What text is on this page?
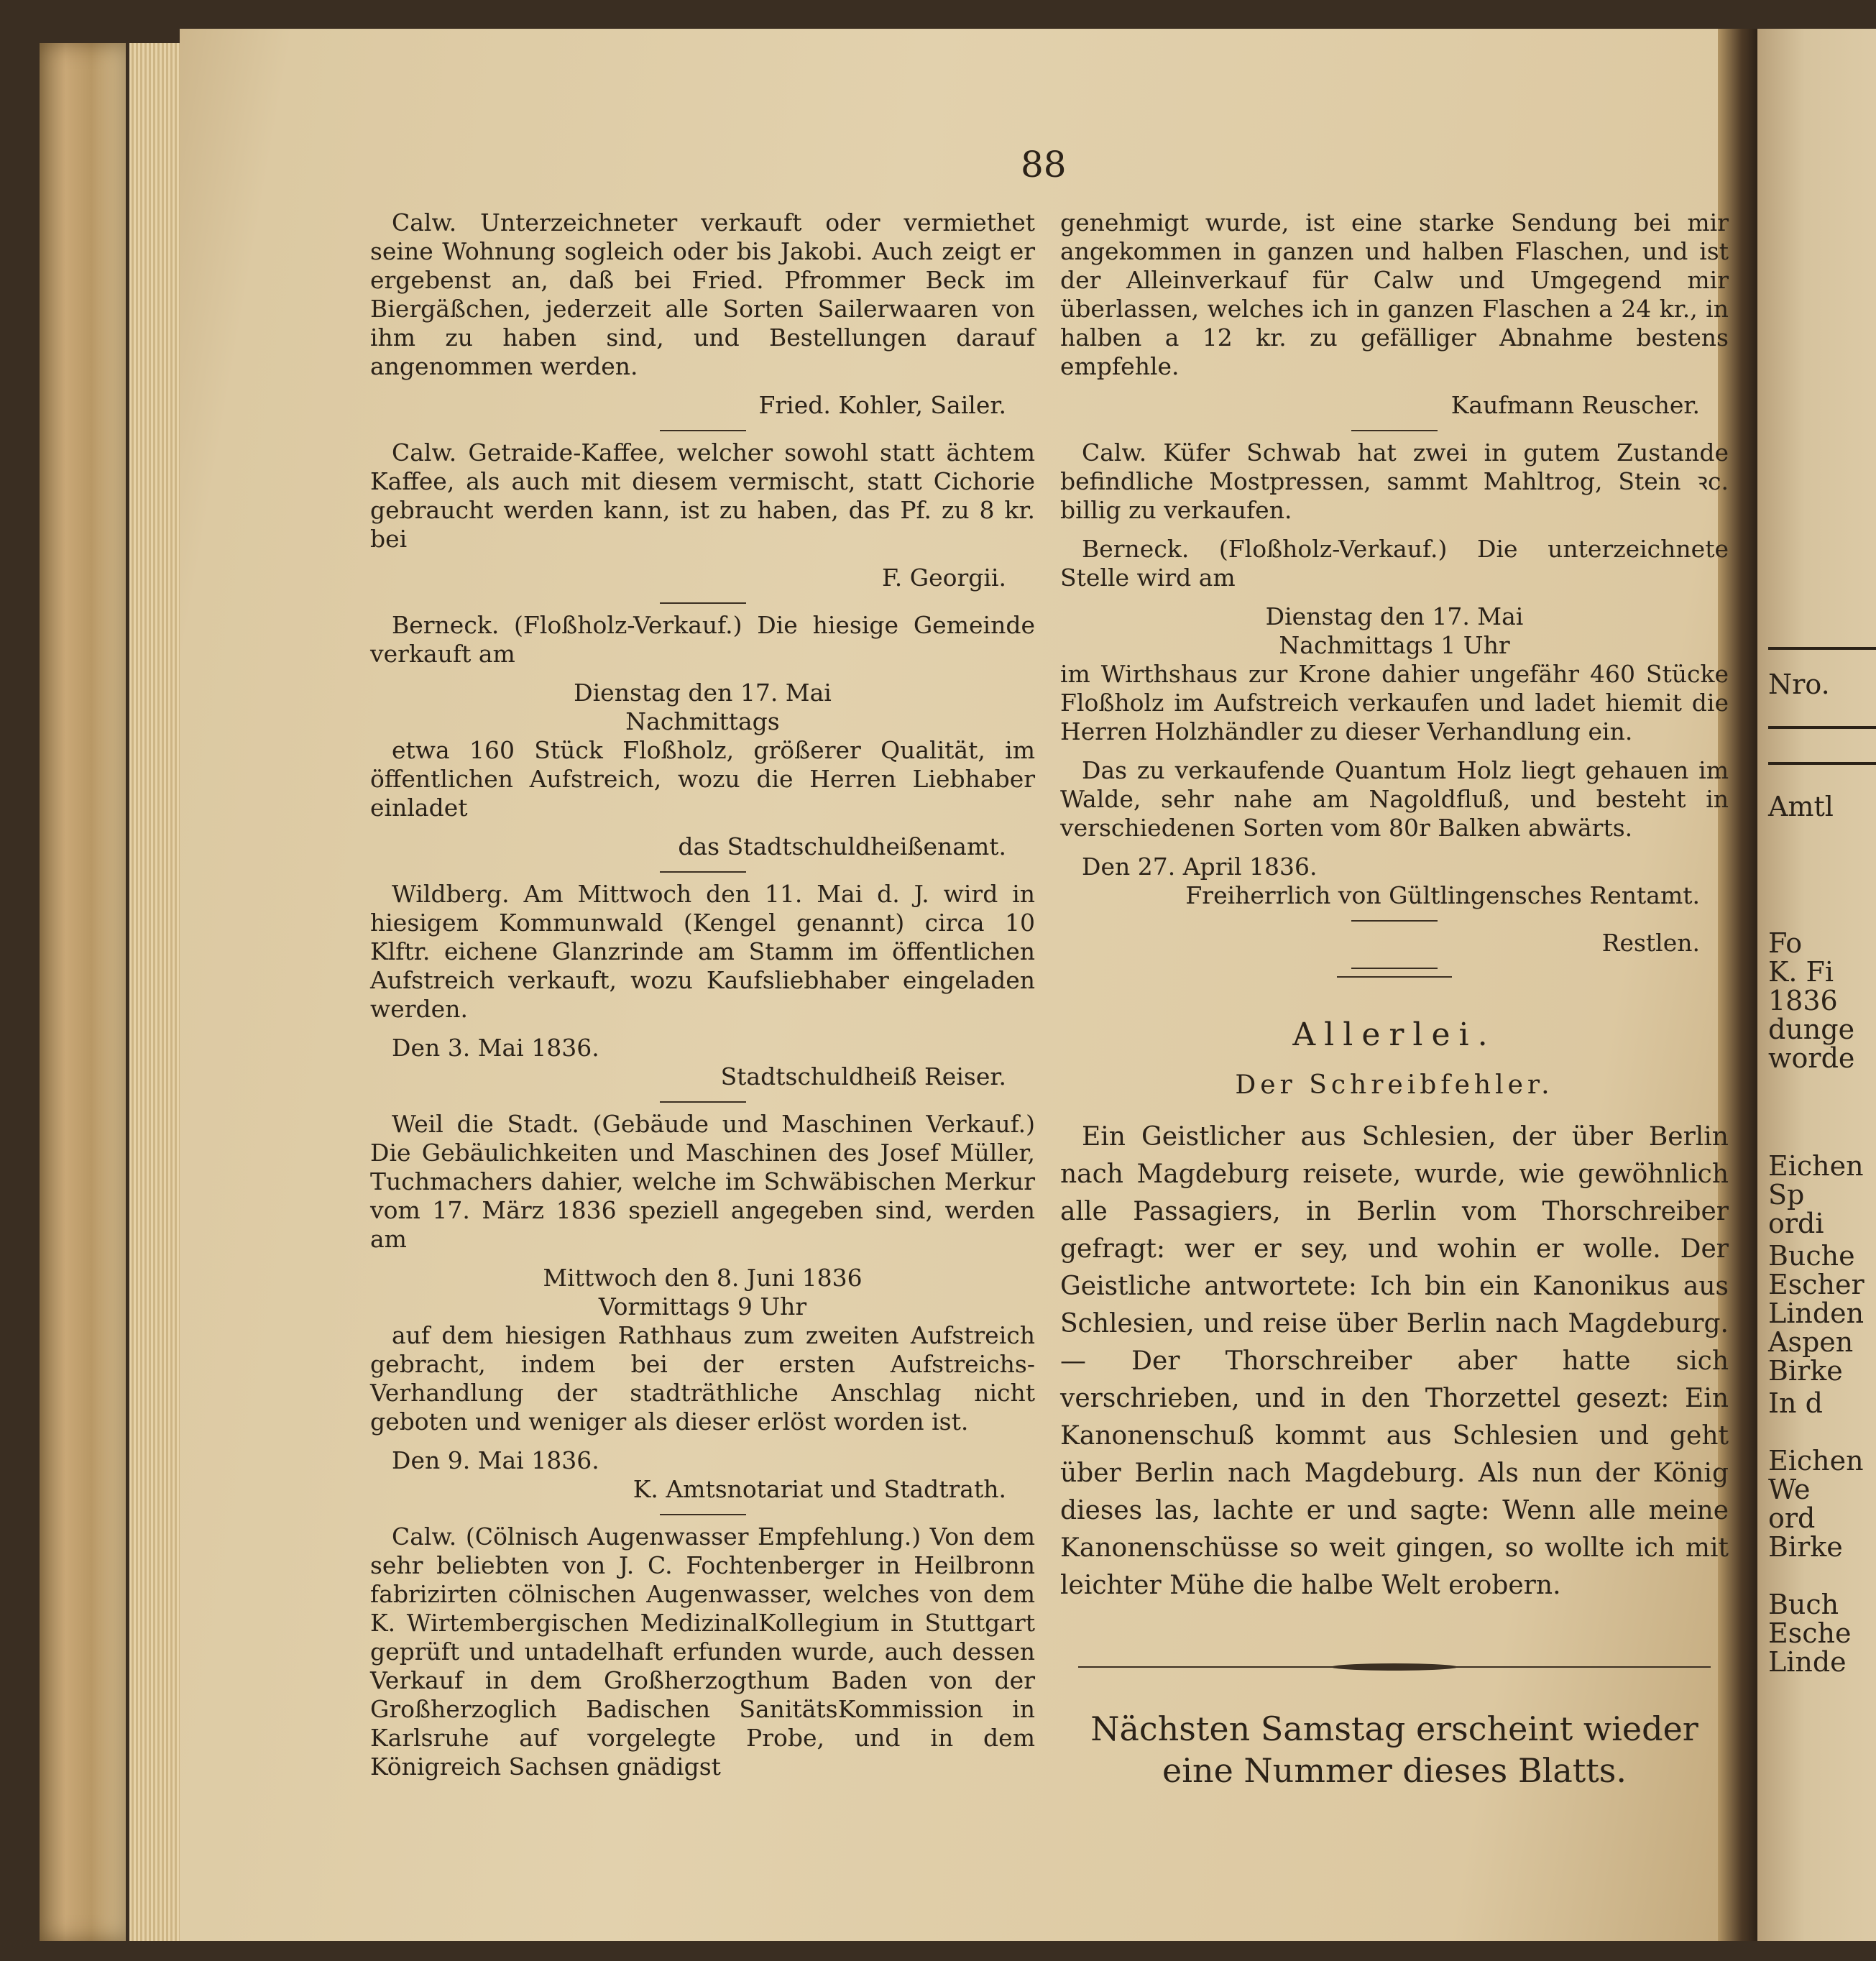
88

Calw. Unterzeichneter verkauft oder vermiethet seine Wohnung sogleich oder bis Jakobi. Auch zeigt er ergebenst an, daß bei Fried. Pfrommer Beck im Biergäßchen, jederzeit alle Sorten Sailerwaaren von ihm zu haben sind, und Bestellungen darauf angenommen werden.

Fried. Kohler, Sailer.

Calw. Getraide-Kaffee, welcher sowohl statt ächtem Kaffee, als auch mit diesem vermischt, statt Cichorie gebraucht werden kann, ist zu haben, das Pf. zu 8 kr. bei

F. Georgii.

Berneck. (Floßholz-Verkauf.) Die hiesige Gemeinde verkauft am

Dienstag den 17. Mai
Nachmittags

etwa 160 Stück Floßholz, größerer Qualität, im öffentlichen Aufstreich, wozu die Herren Liebhaber einladet

das Stadtschuldheißenamt.

Wildberg. Am Mittwoch den 11. Mai d. J. wird in hiesigem Kommunwald (Kengel genannt) circa 10 Klftr. eichene Glanzrinde am Stamm im öffentlichen Aufstreich verkauft, wozu Kaufsliebhaber eingeladen werden.

Den 3. Mai 1836.
Stadtschuldheiß Reiser.

Weil die Stadt. (Gebäude und Maschinen Verkauf.) Die Gebäulichkeiten und Maschinen des Josef Müller, Tuchmachers dahier, welche im Schwäbischen Merkur vom 17. März 1836 speziell angegeben sind, werden am

Mittwoch den 8. Juni 1836
Vormittags 9 Uhr

auf dem hiesigen Rathhaus zum zweiten Aufstreich gebracht, indem bei der ersten Aufstreichs-Verhandlung der stadträthliche Anschlag nicht geboten und weniger als dieser erlöst worden ist.

Den 9. Mai 1836.
K. Amtsnotariat und Stadtrath.

Calw. (Cölnisch Augenwasser Empfehlung.) Von dem sehr beliebten von J. C. Fochtenberger in Heilbronn fabrizirten cölnischen Augenwasser, welches von dem K. Wirtembergischen MedizinalKollegium in Stuttgart geprüft und untadelhaft erfunden wurde, auch dessen Verkauf in dem Großherzogthum Baden von der Großherzoglich Badischen SanitätsKommission in Karlsruhe auf vorgelegte Probe, und in dem Königreich Sachsen gnädigst

genehmigt wurde, ist eine starke Sendung bei mir angekommen in ganzen und halben Flaschen, und ist der Alleinverkauf für Calw und Umgegend mir überlassen, welches ich in ganzen Flaschen a 24 kr., in halben a 12 kr. zu gefälliger Abnahme bestens empfehle.

Kaufmann Reuscher.

Calw. Küfer Schwab hat zwei in gutem Zustande befindliche Mostpressen, sammt Mahltrog, Stein ꝛc. billig zu verkaufen.

Berneck. (Floßholz-Verkauf.) Die unterzeichnete Stelle wird am

Dienstag den 17. Mai
Nachmittags 1 Uhr

im Wirthshaus zur Krone dahier ungefähr 460 Stücke Floßholz im Aufstreich verkaufen und ladet hiemit die Herren Holzhändler zu dieser Verhandlung ein.

Das zu verkaufende Quantum Holz liegt gehauen im Walde, sehr nahe am Nagoldfluß, und besteht in verschiedenen Sorten vom 80r Balken abwärts.

Den 27. April 1836.
Freiherrlich von Gültlingensches Rentamt.
Restlen.
Allerlei.
Der Schreibfehler.

Ein Geistlicher aus Schlesien, der über Berlin nach Magdeburg reisete, wurde, wie gewöhnlich alle Passagiers, in Berlin vom Thorschreiber gefragt: wer er sey, und wohin er wolle. Der Geistliche antwortete: Ich bin ein Kanonikus aus Schlesien, und reise über Berlin nach Magdeburg. — Der Thorschreiber aber hatte sich verschrieben, und in den Thorzettel gesezt: Ein Kanonenschuß kommt aus Schlesien und geht über Berlin nach Magdeburg. Als nun der König dieses las, lachte er und sagte: Wenn alle meine Kanonenschüsse so weit gingen, so wollte ich mit leichter Mühe die halbe Welt erobern.

Nächsten Samstag erscheint wieder eine Nummer dieses Blatts.
Nro.
Amtl
Fo
K. Fi
1836
dunge
worde
Eichen
Sp
ordi
Buche
Escher
Linden
Aspen
Birke
In d
Eichen
We
ord
Birke
Buch
Esche
Linde
